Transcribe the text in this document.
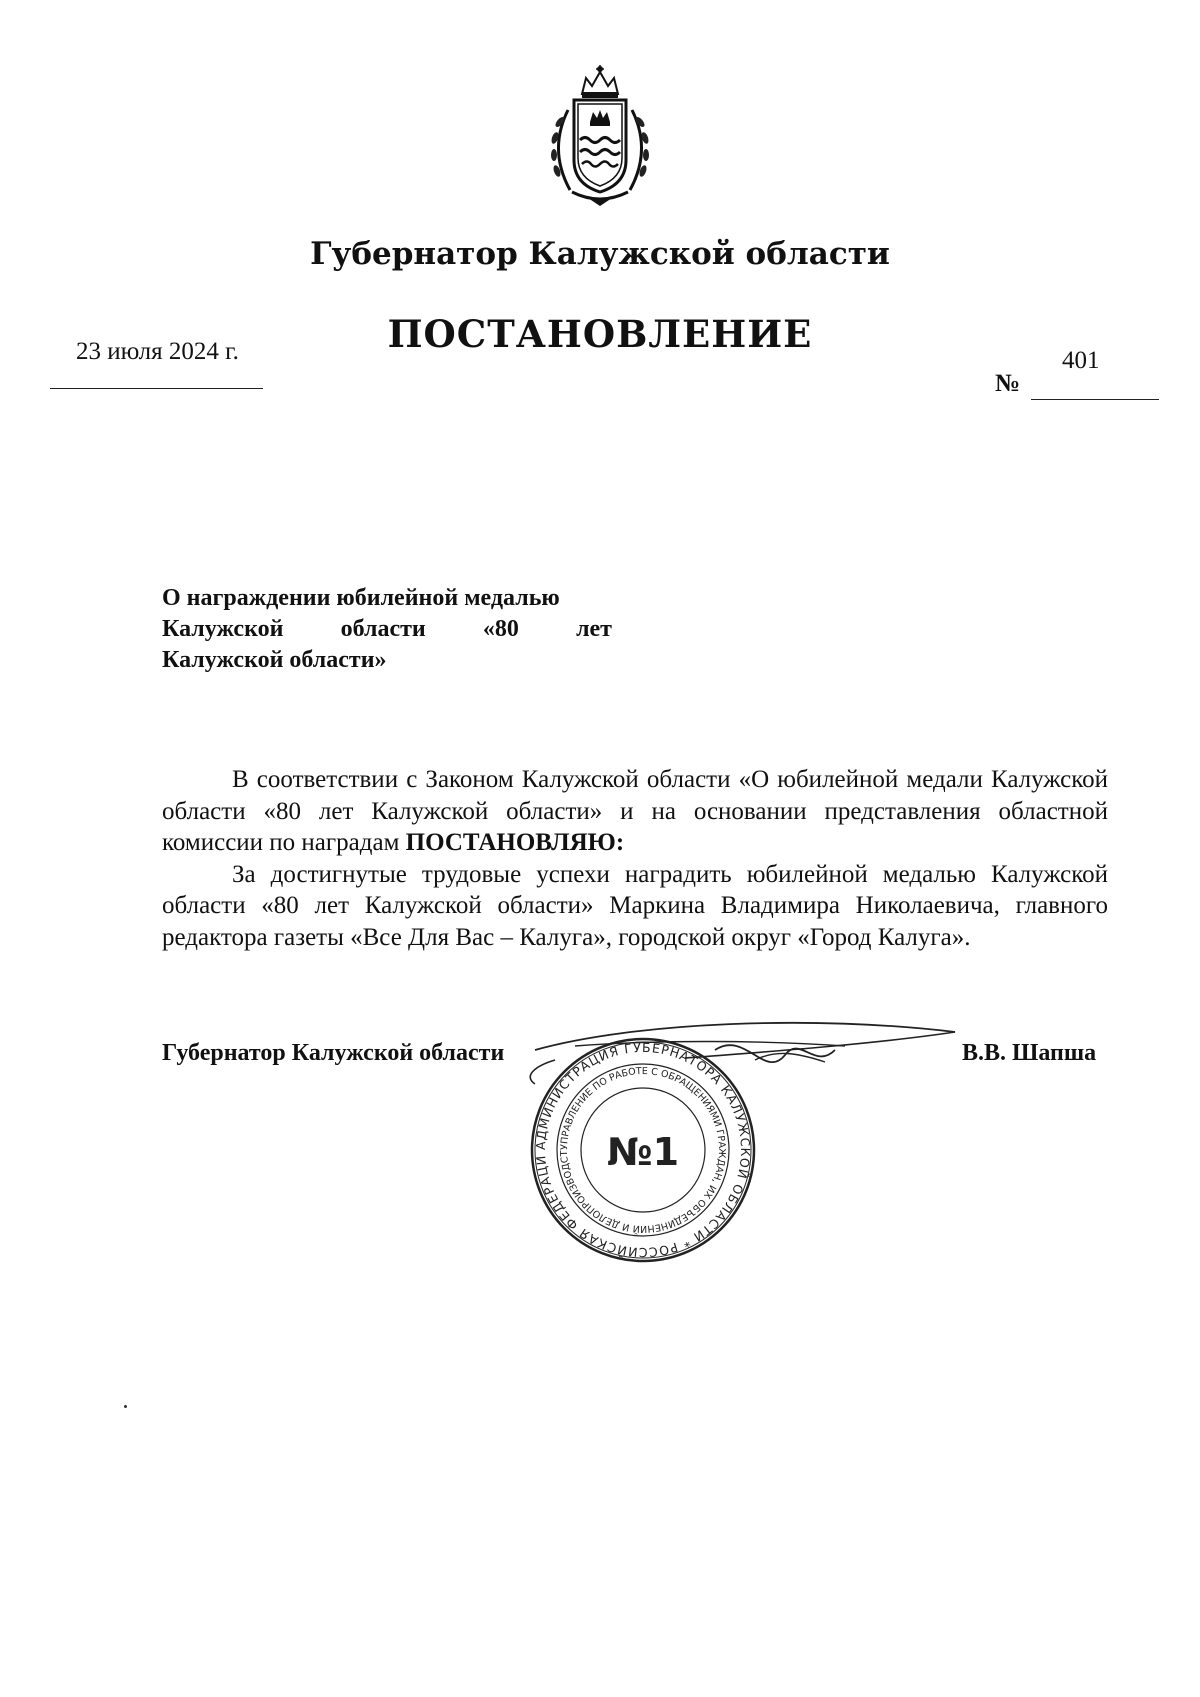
Губернатор Калужской области
23 июля 2024 г.	ПОСТАНОВЛЕНИЕ
401
№
О награждении юбилейной медалью
Калужской области «80 лет
Калужской области»

В соответствии с Законом Калужской области «О юбилейной медали Калужской области «80 лет Калужской области» и на основании представления областной комиссии по наградам ПОСТАНОВЛЯЮ:

За достигнутые трудовые успехи наградить юбилейной медалью Калужской области «80 лет Калужской области» Маркина Владимира Николаевича, главного редактора газеты «Все Для Вас – Калуга», городской округ «Город Калуга».

Губернатор Калужской области	В.В. Шапша
АДМИНИСТРАЦИЯ ГУБЕРНАТОРА КАЛУЖСКОЙ ОБЛАСТИ * РОССИЙСКАЯ ФЕДЕРАЦИ
УПРАВЛЕНИЕ ПО РАБОТЕ С ОБРАЩЕНИЯМИ ГРАЖДАН, ИХ ОБЪЕДИНЕНИЙ И ДЕЛОПРОИЗВОДСТ №1
